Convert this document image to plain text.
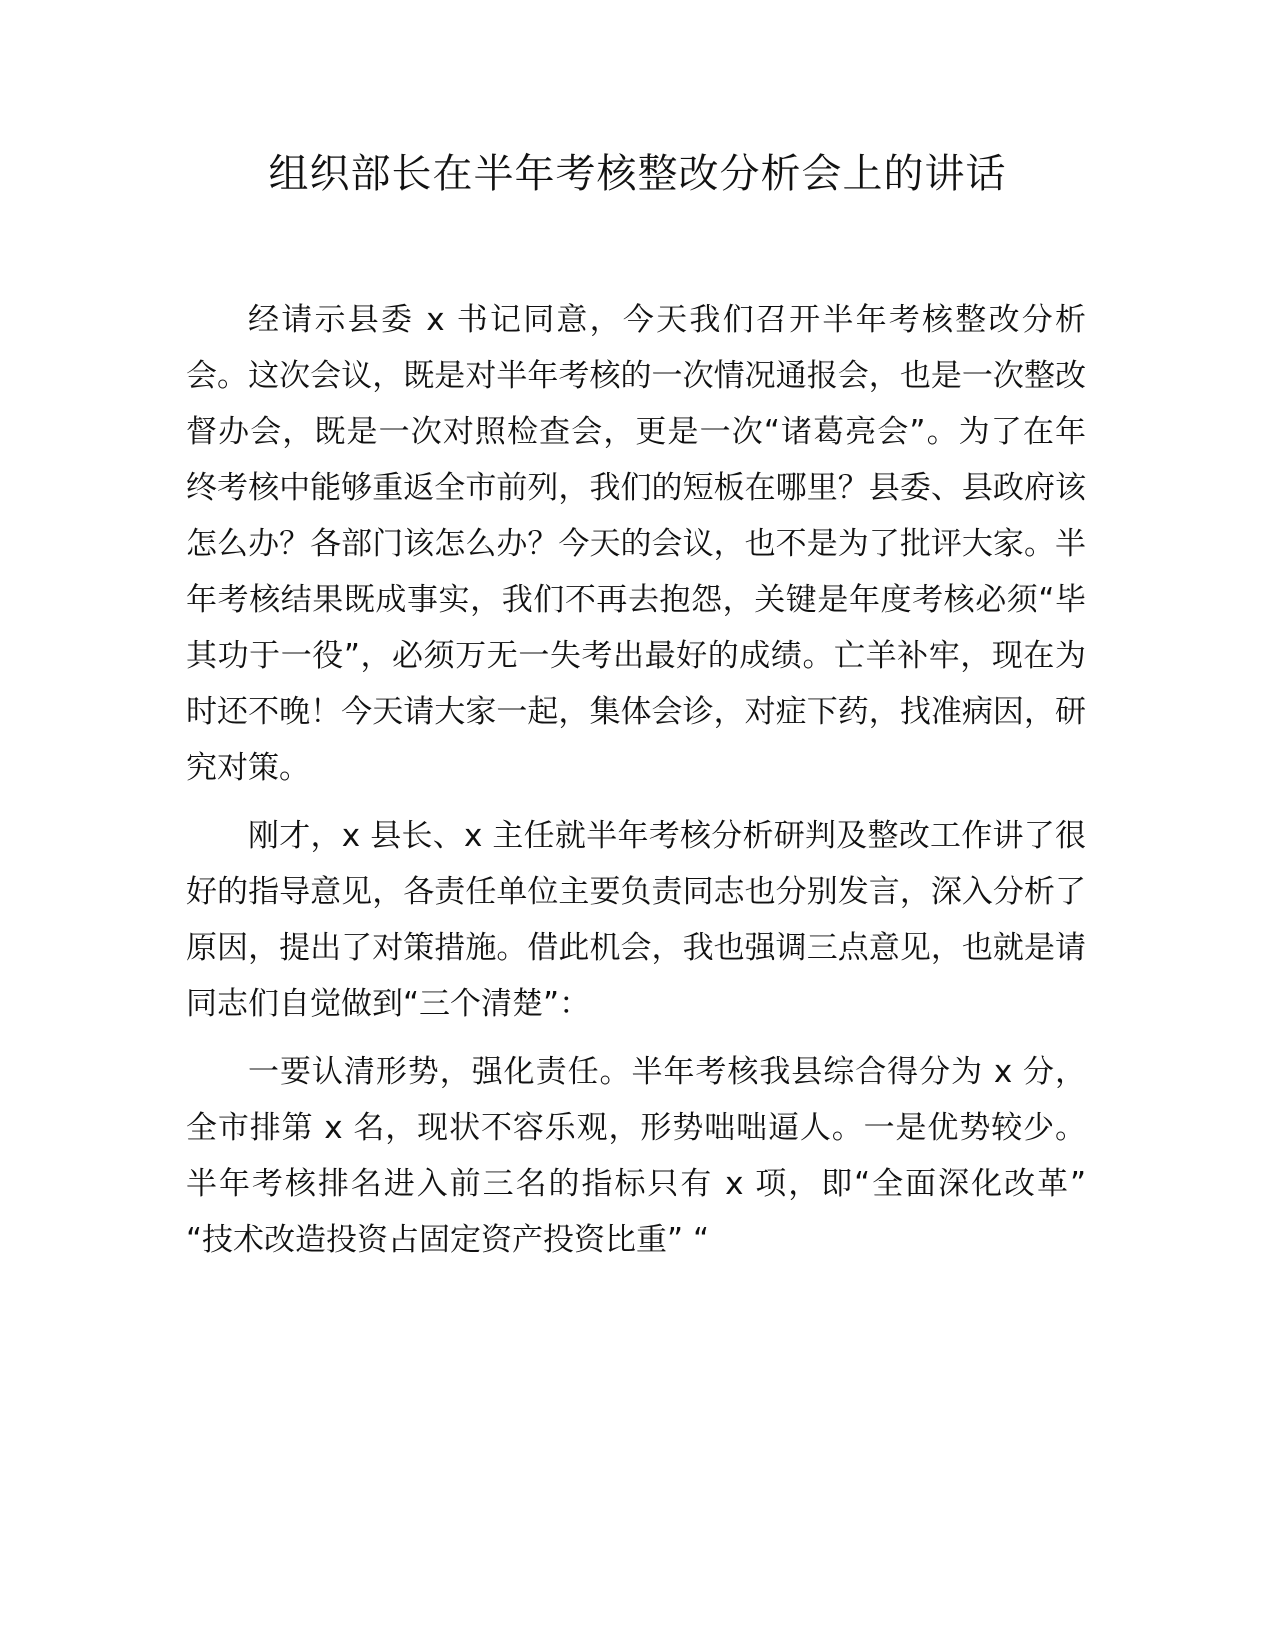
组织部长在半年考核整改分析会上的讲话

经请示县委 x 书记同意，今天我们召开半年考核整改分析会。这次会议，既是对半年考核的一次情况通报会，也是一次整改督办会，既是一次对照检查会，更是一次“诸葛亮会”。为了在年终考核中能够重返全市前列，我们的短板在哪里？县委、县政府该怎么办？各部门该怎么办？今天的会议，也不是为了批评大家。半年考核结果既成事实，我们不再去抱怨，关键是年度考核必须“毕其功于一役”，必须万无一失考出最好的成绩。亡羊补牢，现在为时还不晚！今天请大家一起，集体会诊，对症下药，找准病因，研究对策。

刚才，x 县长、x 主任就半年考核分析研判及整改工作讲了很好的指导意见，各责任单位主要负责同志也分别发言，深入分析了原因，提出了对策措施。借此机会，我也强调三点意见，也就是请同志们自觉做到“三个清楚”：

一要认清形势，强化责任。半年考核我县综合得分为 x 分，全市排第 x 名，现状不容乐观，形势咄咄逼人。一是优势较少。半年考核排名进入前三名的指标只有 x 项，即“全面深化改革” “技术改造投资占固定资产投资比重” “
